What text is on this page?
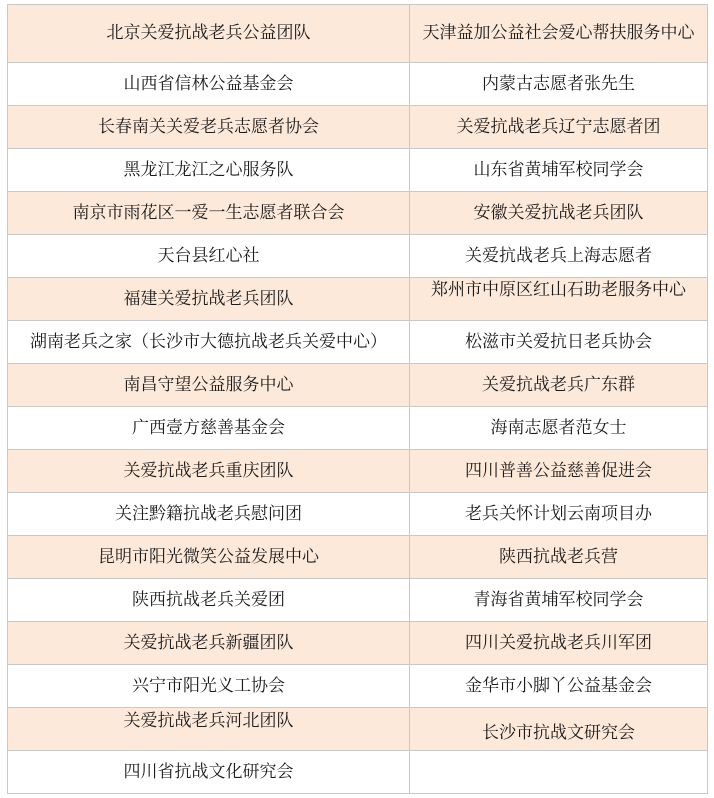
北京关爱抗战老兵公益团队	天津益加公益社会爱心帮扶服务中心
山西省信林公益基金会	内蒙古志愿者张先生
长春南关关爱老兵志愿者协会	关爱抗战老兵辽宁志愿者团
黑龙江龙江之心服务队	山东省黄埔军校同学会
南京市雨花区一爱一生志愿者联合会	安徽关爱抗战老兵团队
天台县红心社	关爱抗战老兵上海志愿者
福建关爱抗战老兵团队	郑州市中原区红山石助老服务中心

湖南老兵之家（长沙市大德抗战老兵关爱中心）	松滋市关爱抗日老兵协会
南昌守望公益服务中心	关爱抗战老兵广东群
广西壹方慈善基金会	海南志愿者范女士
关爱抗战老兵重庆团队	四川普善公益慈善促进会
关注黔籍抗战老兵慰问团	老兵关怀计划云南项目办
昆明市阳光微笑公益发展中心	陕西抗战老兵营
陕西抗战老兵关爱团	青海省黄埔军校同学会
关爱抗战老兵新疆团队	四川关爱抗战老兵川军团
兴宁市阳光义工协会	金华市小脚丫公益基金会
关爱抗战老兵河北团队	长沙市抗战文研究会
四川省抗战文化研究会	
